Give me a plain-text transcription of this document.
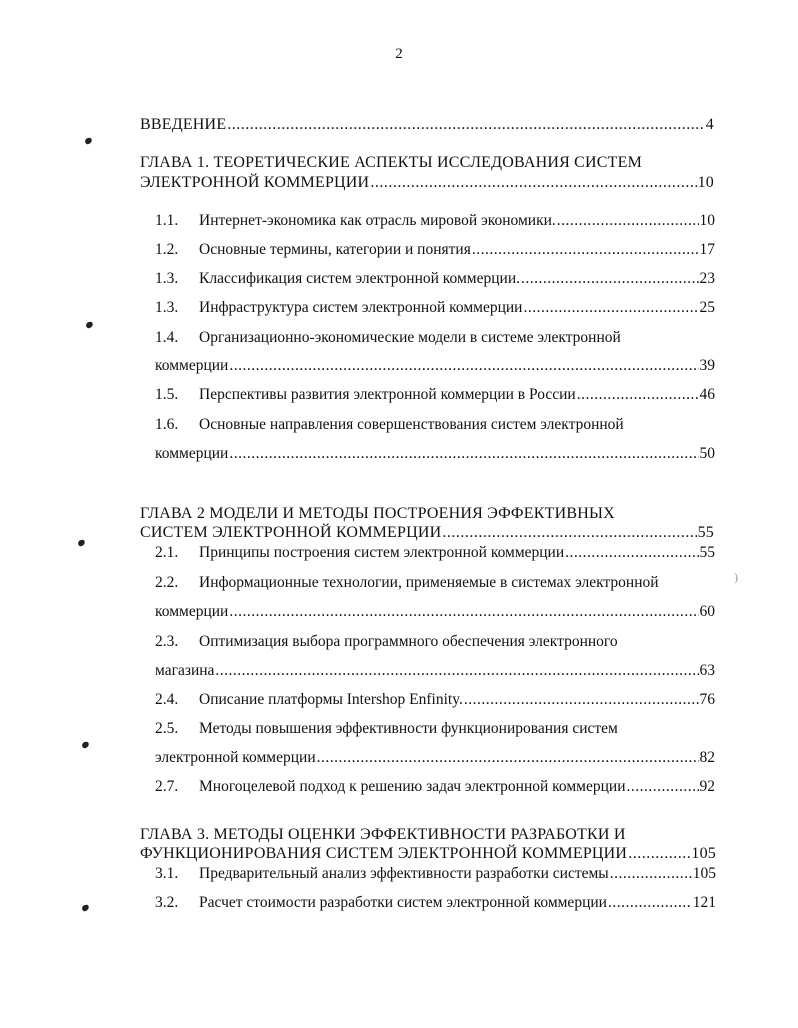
2
ВВЕДЕНИЕ .....	4
ГЛАВА 1. ТЕОРЕТИЧЕСКИЕ АСПЕКТЫ ИССЛЕДОВАНИЯ СИСТЕМ
ЭЛЕКТРОННОЙ КОММЕРЦИИ .....	10
1.1.	Интернет-экономика как отрасль мировой экономики. .....	10
1.2.	Основные термины, категории и понятия .....	17
1.3.	Классификация систем электронной коммерции. .....	23
1.3.	Инфраструктура систем электронной коммерции .....	25
1.4. Организационно-экономические модели в системе электронной
коммерции .....	39
1.5.	Перспективы развития электронной коммерции в России .....	46
1.6. Основные направления совершенствования систем электронной
коммерции .....	50
ГЛАВА 2 МОДЕЛИ И МЕТОДЫ ПОСТРОЕНИЯ ЭФФЕКТИВНЫХ
СИСТЕМ ЭЛЕКТРОННОЙ КОММЕРЦИИ .....	55
2.1.	Принципы построения систем электронной коммерции .....	55
2.2. Информационные технологии, применяемые в системах электронной
коммерции .....	60
2.3. Оптимизация выбора программного обеспечения электронного
магазина .....	63
2.4.	Описание платформы Intershop Enfinity. .....	76
2.5. Методы повышения эффективности функционирования систем
электронной коммерции .....	82
2.7.	Многоцелевой подход к решению задач электронной коммерции .....	92
ГЛАВА 3. МЕТОДЫ ОЦЕНКИ ЭФФЕКТИВНОСТИ РАЗРАБОТКИ И
ФУНКЦИОНИРОВАНИЯ СИСТЕМ ЭЛЕКТРОННОЙ КОММЕРЦИИ .....	105
3.1.	Предварительный анализ эффективности разработки системы .....	105
3.2.	Расчет стоимости разработки систем электронной коммерции .....	121
)
